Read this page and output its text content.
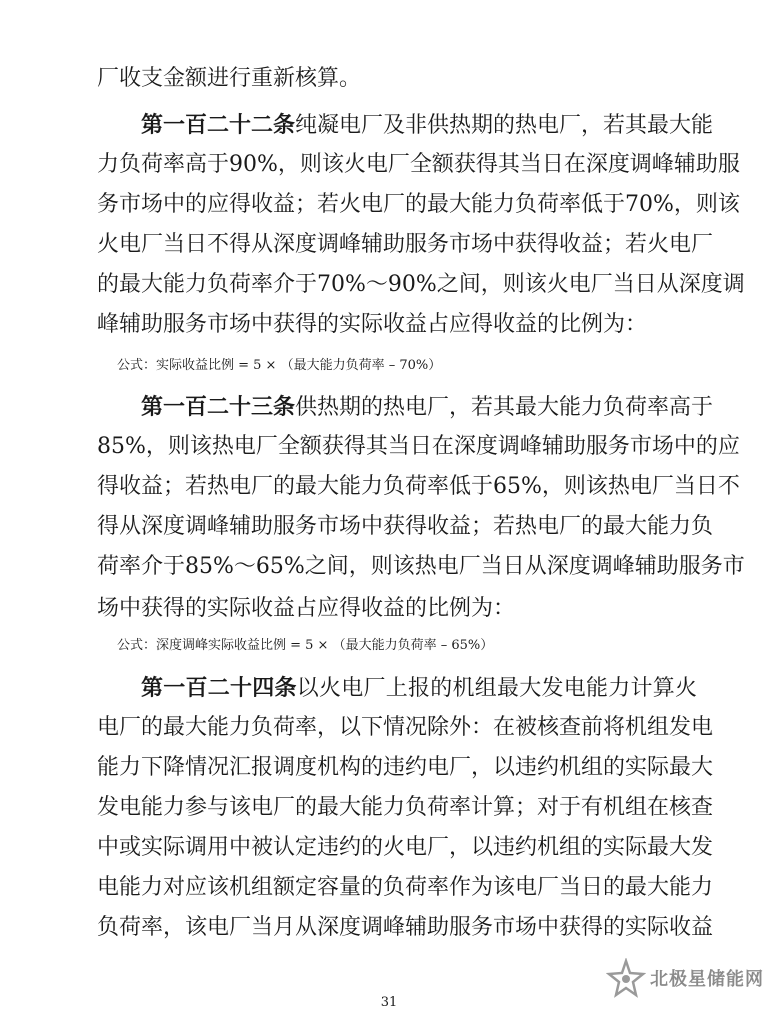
厂收支金额进行重新核算。
第一百二十二条纯凝电厂及非供热期的热电厂，若其最大能
力负荷率高于90%，则该火电厂全额获得其当日在深度调峰辅助服
务市场中的应得收益；若火电厂的最大能力负荷率低于70%，则该
火电厂当日不得从深度调峰辅助服务市场中获得收益；若火电厂
的最大能力负荷率介于70%～90%之间，则该火电厂当日从深度调
峰辅助服务市场中获得的实际收益占应得收益的比例为：
公式：实际收益比例 = 5 × （最大能力负荷率 – 70%）
第一百二十三条供热期的热电厂，若其最大能力负荷率高于
85%，则该热电厂全额获得其当日在深度调峰辅助服务市场中的应
得收益；若热电厂的最大能力负荷率低于65%，则该热电厂当日不
得从深度调峰辅助服务市场中获得收益；若热电厂的最大能力负
荷率介于85%～65%之间，则该热电厂当日从深度调峰辅助服务市
场中获得的实际收益占应得收益的比例为：
公式：深度调峰实际收益比例 = 5 × （最大能力负荷率 – 65%）
第一百二十四条以火电厂上报的机组最大发电能力计算火
电厂的最大能力负荷率，以下情况除外：在被核查前将机组发电
能力下降情况汇报调度机构的违约电厂，以违约机组的实际最大
发电能力参与该电厂的最大能力负荷率计算；对于有机组在核查
中或实际调用中被认定违约的火电厂，以违约机组的实际最大发
电能力对应该机组额定容量的负荷率作为该电厂当日的最大能力
负荷率，该电厂当月从深度调峰辅助服务市场中获得的实际收益
北极星储能网
31
